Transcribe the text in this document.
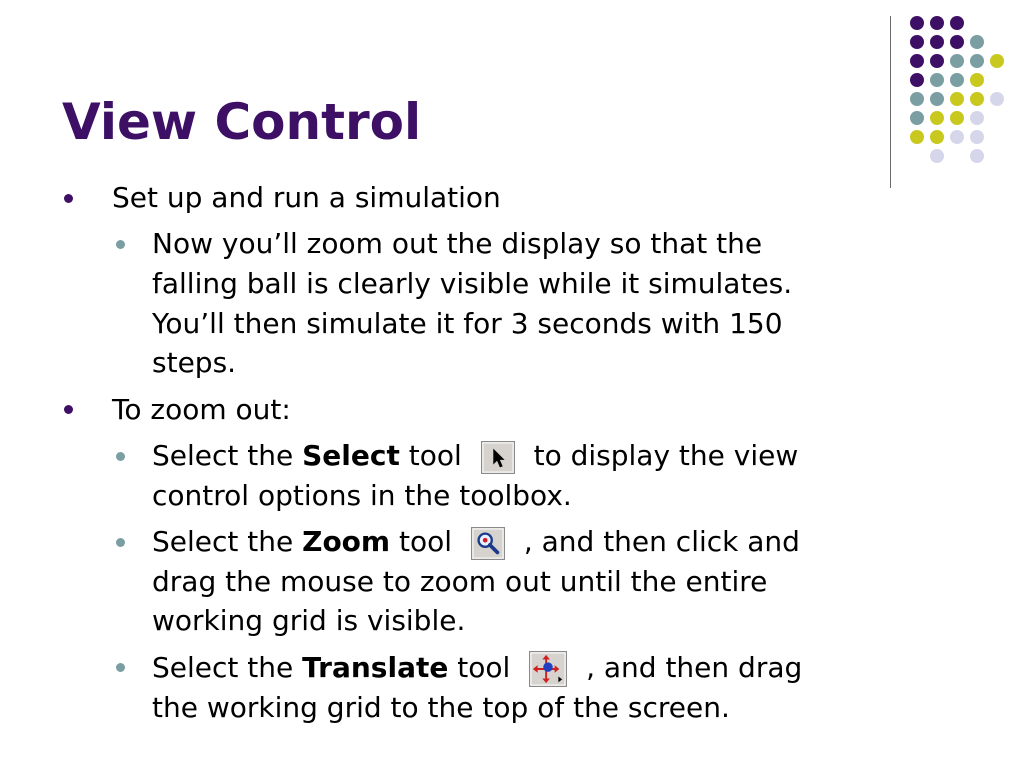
View Control

Set up and run a simulation

Now you’ll zoom out the display so that the

falling ball is clearly visible while it simulates.

You’ll then simulate it for 3 seconds with 150

steps.

To zoom out:

Select the Select tool
to display the view

control options in the toolbox.

Select the Zoom tool
, and then click and

drag the mouse to zoom out until the entire

working grid is visible.

Select the Translate tool
, and then drag

the working grid to the top of the screen.
